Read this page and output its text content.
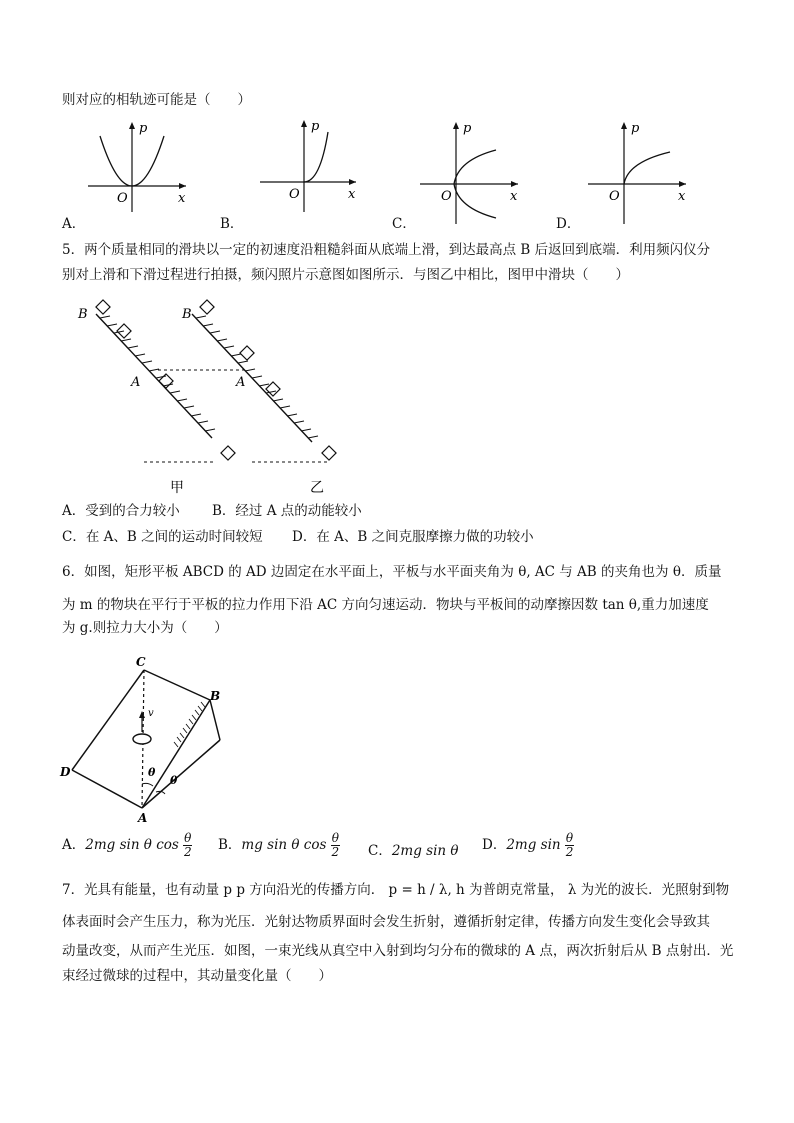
则对应的相轨迹可能是（　　）
p
x
O
p
x
O
p
x
O
p
x
O
A．	B．	C．	D．
5．两个质量相同的滑块以一定的初速度沿粗糙斜面从底端上滑，到达最高点 B 后返回到底端．利用频闪仪分
别对上滑和下滑过程进行拍摄，频闪照片示意图如图所示．与图乙中相比，图甲中滑块（　　）
B
A
B
A
甲	乙
A．受到的合力较小 B．经过 A 点的动能较小
C．在 A、B 之间的运动时间较短 D．在 A、B 之间克服摩擦力做的功较小
6．如图，矩形平板 ABCD 的 AD 边固定在水平面上，平板与水平面夹角为 θ, AC 与 AB 的夹角也为 θ．质量
为 m 的物块在平行于平板的拉力作用下沿 AC 方向匀速运动．物块与平板间的动摩擦因数 tan θ,重力加速度
为 g.则拉力大小为（　　）
C
B
D
A
v
θ
θ
A．2mg sin θ $\cos \frac{\theta}{2}$ B．mg sin θ $\cos \frac{\theta}{2}$ C．2mg sin θ D．2mg $\sin \frac{\theta}{2}$
7．光具有能量，也有动量 p p 方向沿光的传播方向． p = h / λ, h 为普朗克常量， λ 为光的波长．光照射到物
体表面时会产生压力，称为光压．光射达物质界面时会发生折射，遵循折射定律，传播方向发生变化会导致其
动量改变，从而产生光压．如图，一束光线从真空中入射到均匀分布的微球的 A 点，两次折射后从 B 点射出．光
束经过微球的过程中，其动量变化量（　　）
